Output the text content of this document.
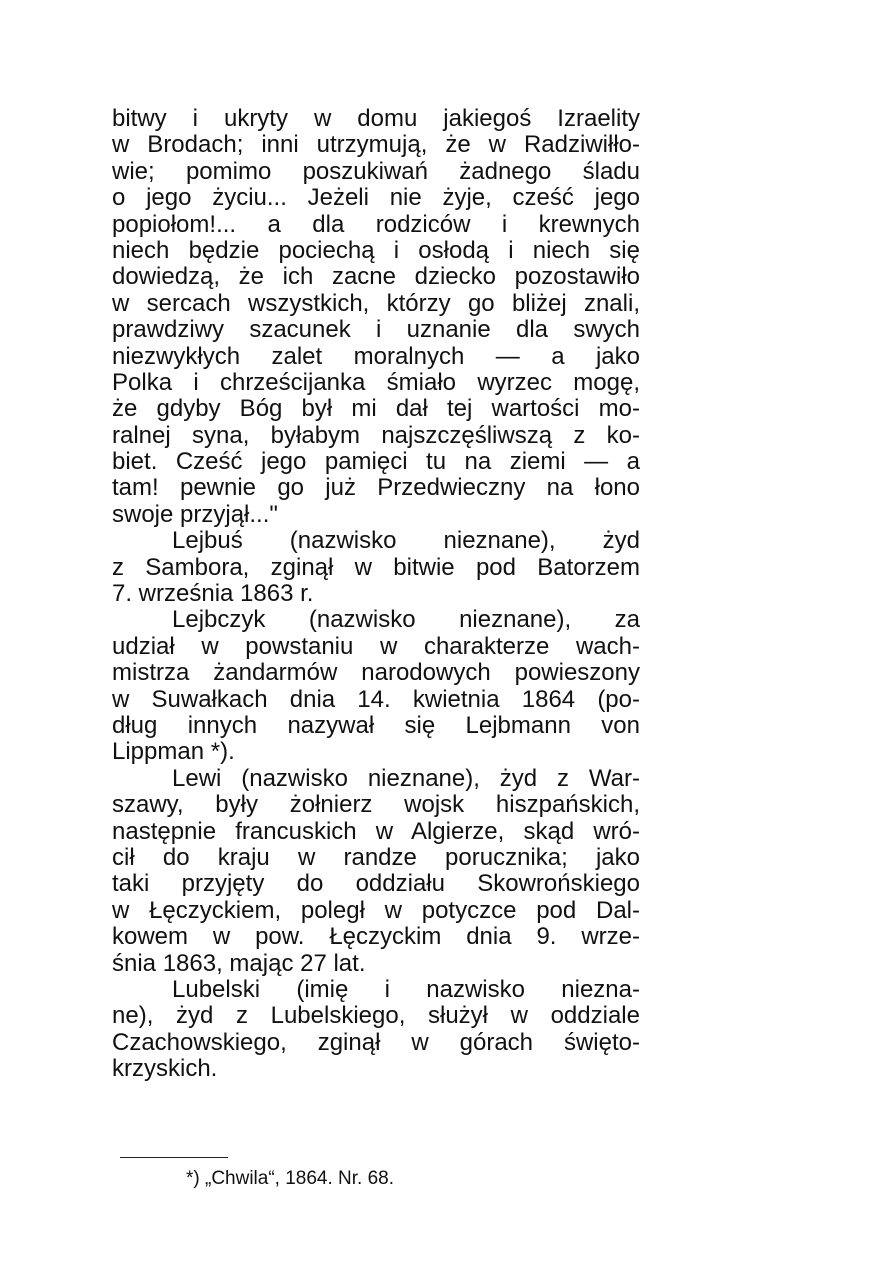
bitwy i ukryty w domu jakiegoś Izraelity
w Brodach; inni utrzymują, że w Radziwiłło-
wie; pomimo poszukiwań żadnego śladu
o jego życiu... Jeżeli nie żyje, cześć jego
popiołom!... a dla rodziców i krewnych
niech będzie pociechą i osłodą i niech się
dowiedzą, że ich zacne dziecko pozostawiło
w sercach wszystkich, którzy go bliżej znali,
prawdziwy szacunek i uznanie dla swych
niezwykłych zalet moralnych — a jako
Polka i chrześcijanka śmiało wyrzec mogę,
że gdyby Bóg był mi dał tej wartości mo-
ralnej syna, byłabym najszczęśliwszą z ko-
biet. Cześć jego pamięci tu na ziemi — a
tam! pewnie go już Przedwieczny na łono
swoje przyjął..."
Lejbuś (nazwisko nieznane), żyd
z Sambora, zginął w bitwie pod Batorzem
7. września 1863 r.
Lejbczyk (nazwisko nieznane), za
udział w powstaniu w charakterze wach-
mistrza żandarmów narodowych powieszony
w Suwałkach dnia 14. kwietnia 1864 (po-
dług innych nazywał się Lejbmann von
Lippman *).
Lewi (nazwisko nieznane), żyd z War-
szawy, były żołnierz wojsk hiszpańskich,
następnie francuskich w Algierze, skąd wró-
cił do kraju w randze porucznika; jako
taki przyjęty do oddziału Skowrońskiego
w Łęczyckiem, poległ w potyczce pod Dal-
kowem w pow. Łęczyckim dnia 9. wrze-
śnia 1863, mając 27 lat.
Lubelski (imię i nazwisko niezna-
ne), żyd z Lubelskiego, służył w oddziale
Czachowskiego, zginął w górach święto-
krzyskich.
*) „Chwila“, 1864. Nr. 68.
